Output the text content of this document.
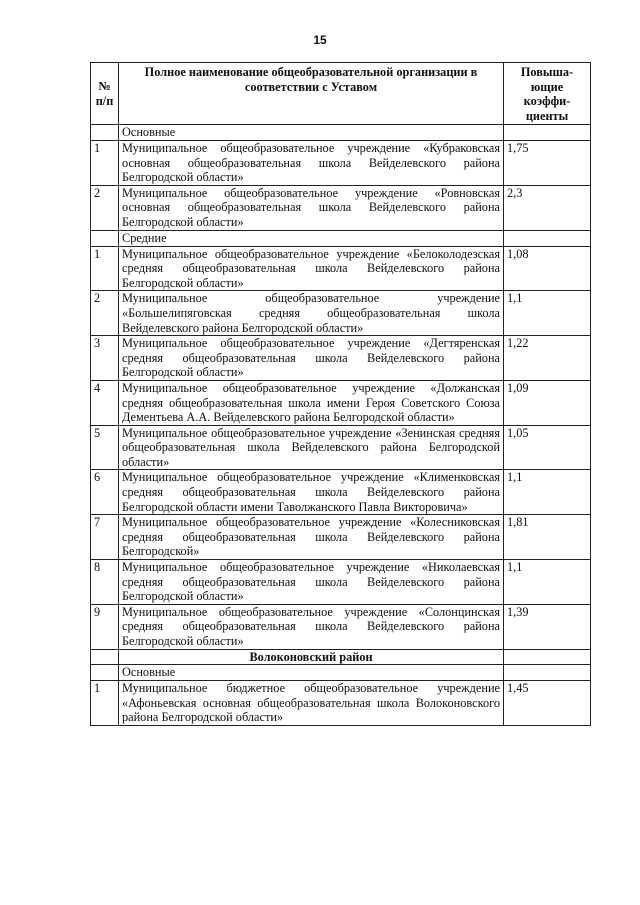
15
№ п/п	Полное наименование общеобразовательной организации в соответствии с Уставом	Повыша-ющие коэффи-циенты
	Основные	
1	Муниципальное общеобразовательное учреждение «Кубраковская основная общеобразовательная школа Вейделевского района Белгородской области»	1,75
2	Муниципальное общеобразовательное учреждение «Ровновская основная общеобразовательная школа Вейделевского района Белгородской области»	2,3
	Средние	
1	Муниципальное общеобразовательное учреждение «Белоколодезская средняя общеобразовательная школа Вейделевского района Белгородской области»	1,08
2	Муниципальное общеобразовательное учреждение «Большелипяговская средняя общеобразовательная школа Вейделевского района Белгородской области»	1,1
3	Муниципальное общеобразовательное учреждение «Дегтяренская средняя общеобразовательная школа Вейделевского района Белгородской области»	1,22
4	Муниципальное общеобразовательное учреждение «Должанская средняя общеобразовательная школа имени Героя Советского Союза Дементьева А.А. Вейделевского района Белгородской области»	1,09
5	Муниципальное общеобразовательное учреждение «Зенинская средняя общеобразовательная школа Вейделевского района Белгородской области»	1,05
6	Муниципальное общеобразовательное учреждение «Клименковская средняя общеобразовательная школа Вейделевского района Белгородской области имени Таволжанского Павла Викторовича»	1,1
7	Муниципальное общеобразовательное учреждение «Колесниковская средняя общеобразовательная школа Вейделевского района Белгородской»	1,81
8	Муниципальное общеобразовательное учреждение «Николаевская средняя общеобразовательная школа Вейделевского района Белгородской области»	1,1
9	Муниципальное общеобразовательное учреждение «Солонцинская средняя общеобразовательная школа Вейделевского района Белгородской области»	1,39
	Волоконовский район	
	Основные	
1	Муниципальное бюджетное общеобразовательное учреждение «Афоньевская основная общеобразовательная школа Волоконовского района Белгородской области»	1,45
